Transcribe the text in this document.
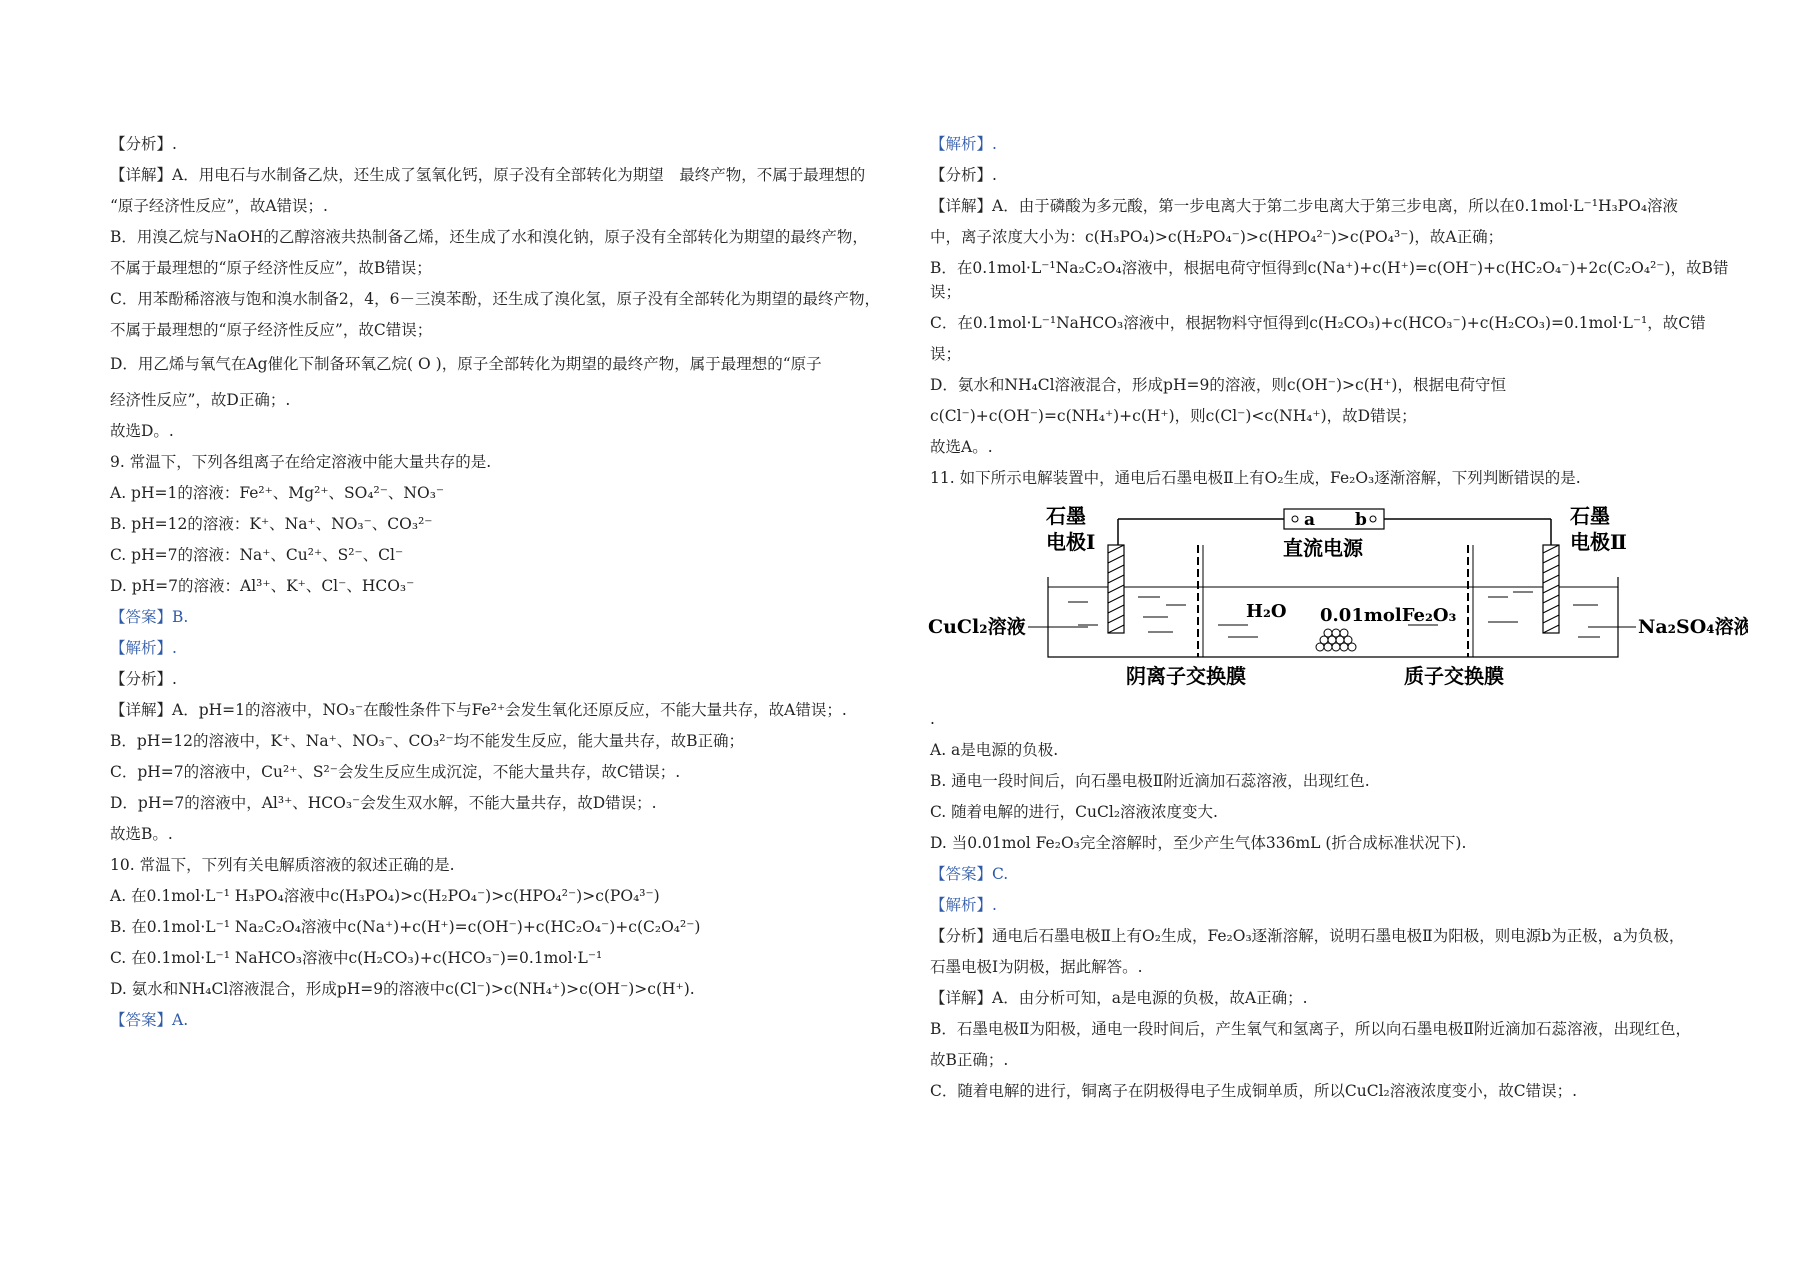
【分析】.
【详解】A．用电石与水制备乙炔，还生成了氢氧化钙，原子没有全部转化为期望　最终产物，不属于最理想的
“原子经济性反应”，故A错误；.
B．用溴乙烷与NaOH的乙醇溶液共热制备乙烯，还生成了水和溴化钠，原子没有全部转化为期望的最终产物，
不属于最理想的“原子经济性反应”，故B错误；
C．用苯酚稀溶液与饱和溴水制备2，4，6－三溴苯酚，还生成了溴化氢，原子没有全部转化为期望的最终产物，
不属于最理想的“原子经济性反应”，故C错误；
D．用乙烯与氧气在Ag催化下制备环氧乙烷( O )，原子全部转化为期望的最终产物，属于最理想的“原子
经济性反应”，故D正确；.
故选D。.
9. 常温下，下列各组离子在给定溶液中能大量共存的是.
A. pH=1的溶液：Fe²⁺、Mg²⁺、SO₄²⁻、NO₃⁻
B. pH=12的溶液：K⁺、Na⁺、NO₃⁻、CO₃²⁻
C. pH=7的溶液：Na⁺、Cu²⁺、S²⁻、Cl⁻
D. pH=7的溶液：Al³⁺、K⁺、Cl⁻、HCO₃⁻
【答案】B.
【解析】.
【分析】.
【详解】A．pH=1的溶液中，NO₃⁻在酸性条件下与Fe²⁺会发生氧化还原反应，不能大量共存，故A错误；.
B．pH=12的溶液中，K⁺、Na⁺、NO₃⁻、CO₃²⁻均不能发生反应，能大量共存，故B正确；
C．pH=7的溶液中，Cu²⁺、S²⁻会发生反应生成沉淀，不能大量共存，故C错误；.
D．pH=7的溶液中，Al³⁺、HCO₃⁻会发生双水解，不能大量共存，故D错误；.
故选B。.
10. 常温下，下列有关电解质溶液的叙述正确的是.
A. 在0.1mol·L⁻¹ H₃PO₄溶液中c(H₃PO₄)>c(H₂PO₄⁻)>c(HPO₄²⁻)>c(PO₄³⁻)
B. 在0.1mol·L⁻¹ Na₂C₂O₄溶液中c(Na⁺)+c(H⁺)=c(OH⁻)+c(HC₂O₄⁻)+c(C₂O₄²⁻)
C. 在0.1mol·L⁻¹ NaHCO₃溶液中c(H₂CO₃)+c(HCO₃⁻)=0.1mol·L⁻¹
D. 氨水和NH₄Cl溶液混合，形成pH=9的溶液中c(Cl⁻)>c(NH₄⁺)>c(OH⁻)>c(H⁺).
【答案】A.
【解析】.
【分析】.
【详解】A．由于磷酸为多元酸，第一步电离大于第二步电离大于第三步电离，所以在0.1mol·L⁻¹H₃PO₄溶液
中，离子浓度大小为：c(H₃PO₄)>c(H₂PO₄⁻)>c(HPO₄²⁻)>c(PO₄³⁻)，故A正确；
B．在0.1mol·L⁻¹Na₂C₂O₄溶液中，根据电荷守恒得到c(Na⁺)+c(H⁺)=c(OH⁻)+c(HC₂O₄⁻)+2c(C₂O₄²⁻)，故B错误；
C．在0.1mol·L⁻¹NaHCO₃溶液中，根据物料守恒得到c(H₂CO₃)+c(HCO₃⁻)+c(H₂CO₃)=0.1mol·L⁻¹，故C错
误；
D．氨水和NH₄Cl溶液混合，形成pH=9的溶液，则c(OH⁻)>c(H⁺)，根据电荷守恒
c(Cl⁻)+c(OH⁻)=c(NH₄⁺)+c(H⁺)，则c(Cl⁻)<c(NH₄⁺)，故D错误；
故选A。.
11. 如下所示电解装置中，通电后石墨电极Ⅱ上有O₂生成，Fe₂O₃逐渐溶解，下列判断错误的是.
a b
直流电源
石墨
电极Ⅰ
石墨
电极Ⅱ
H₂O 0.01molFe₂O₃
CuCl₂溶液	Na₂SO₄溶液
阴离子交换膜	质子交换膜
.
A. a是电源的负极.
B. 通电一段时间后，向石墨电极Ⅱ附近滴加石蕊溶液，出现红色.
C. 随着电解的进行，CuCl₂溶液浓度变大.
D. 当0.01mol Fe₂O₃完全溶解时，至少产生气体336mL (折合成标准状况下).
【答案】C.
【解析】.
【分析】通电后石墨电极Ⅱ上有O₂生成，Fe₂O₃逐渐溶解，说明石墨电极Ⅱ为阳极，则电源b为正极，a为负极，
石墨电极Ⅰ为阴极，据此解答。.
【详解】A．由分析可知，a是电源的负极，故A正确；.
B．石墨电极Ⅱ为阳极，通电一段时间后，产生氧气和氢离子，所以向石墨电极Ⅱ附近滴加石蕊溶液，出现红色，
故B正确；.
C．随着电解的进行，铜离子在阴极得电子生成铜单质，所以CuCl₂溶液浓度变小，故C错误；.
